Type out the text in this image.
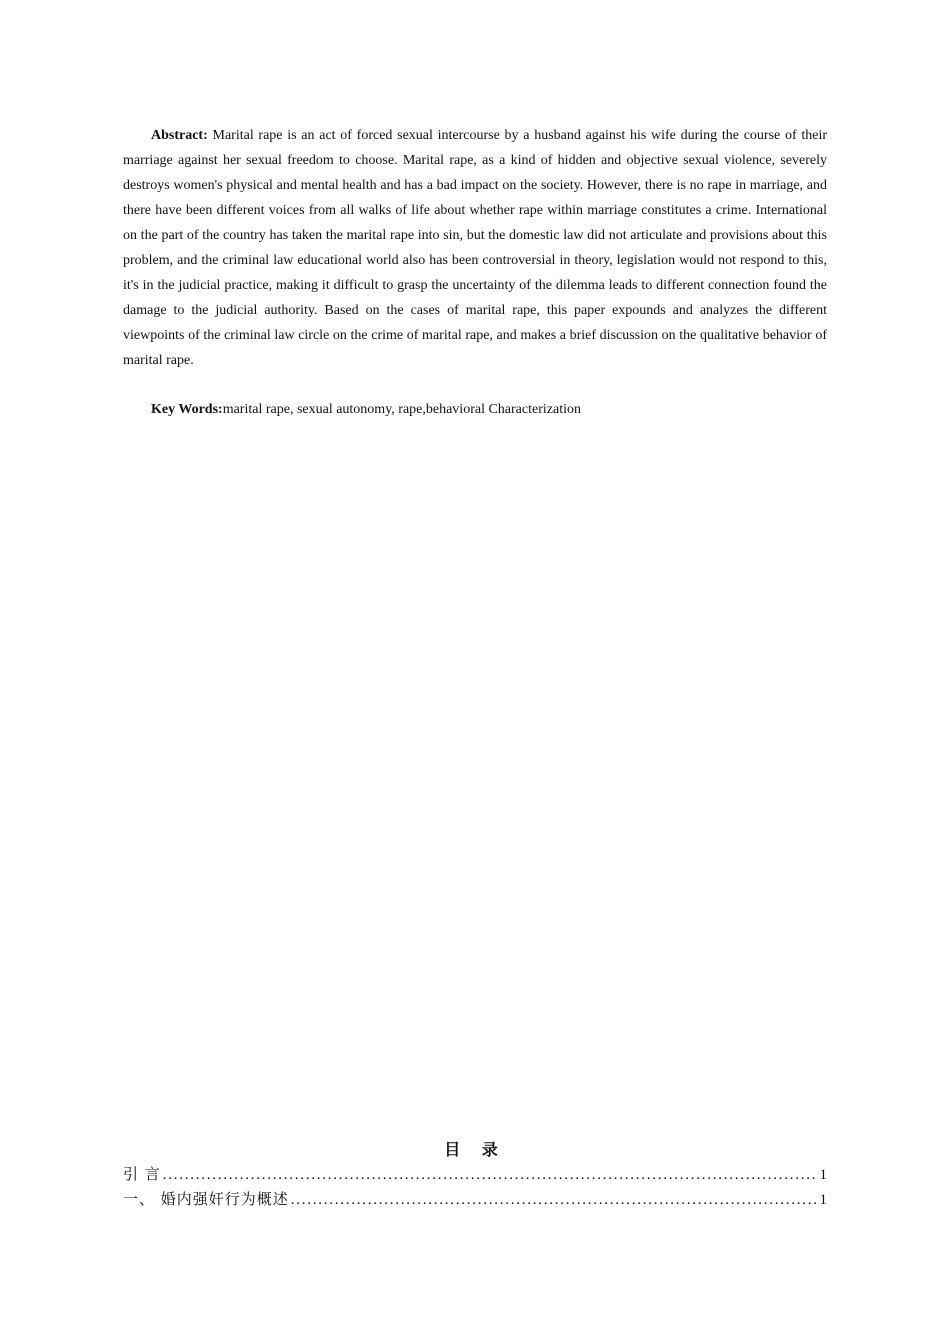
Abstract: Marital rape is an act of forced sexual intercourse by a husband against his wife during the course of their marriage against her sexual freedom to choose. Marital rape, as a kind of hidden and objective sexual violence, severely destroys women's physical and mental health and has a bad impact on the society. However, there is no rape in marriage, and there have been different voices from all walks of life about whether rape within marriage constitutes a crime. International on the part of the country has taken the marital rape into sin, but the domestic law did not articulate and provisions about this problem, and the criminal law educational world also has been controversial in theory, legislation would not respond to this, it's in the judicial practice, making it difficult to grasp the uncertainty of the dilemma leads to different connection found the damage to the judicial authority. Based on the cases of marital rape, this paper expounds and analyzes the different viewpoints of the criminal law circle on the crime of marital rape, and makes a brief discussion on the qualitative behavior of marital rape.

Key Words:marital rape, sexual autonomy, rape,behavioral Characterization

目 录
引 言 . . .	1
一、 婚内强奸行为概述 . . .	1
